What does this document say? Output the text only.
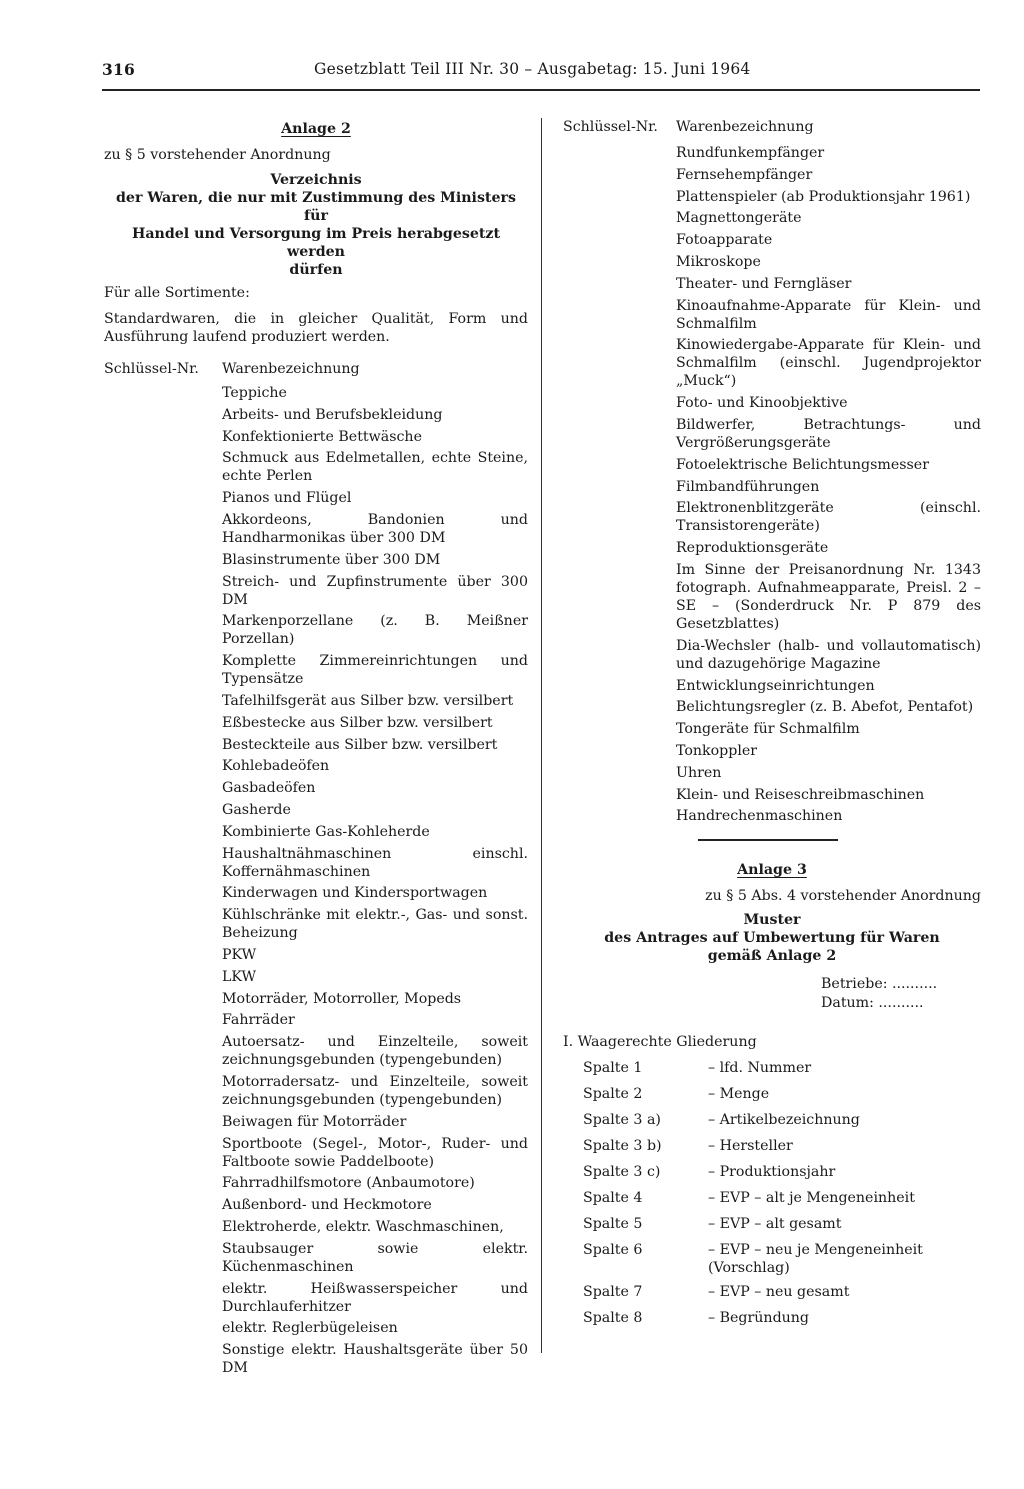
316	Gesetzblatt Teil III Nr. 30 – Ausgabetag: 15. Juni 1964
Anlage 2
zu § 5 vorstehender Anordnung
Verzeichnis
der Waren, die nur mit Zustimmung des Ministers für
Handel und Versorgung im Preis herabgesetzt werden
dürfen
Für alle Sortimente:
Standardwaren, die in gleicher Qualität, Form und Ausführung laufend produziert werden.
Schlüssel-Nr. Warenbezeichnung
Teppiche
Arbeits- und Berufsbekleidung
Konfektionierte Bettwäsche
Schmuck aus Edelmetallen, echte Steine, echte Perlen
Pianos und Flügel
Akkordeons, Bandonien und Handharmonikas über 300 DM
Blasinstrumente über 300 DM
Streich- und Zupfinstrumente über 300 DM
Markenporzellane (z. B. Meißner Porzellan)
Komplette Zimmereinrichtungen und Typensätze
Tafelhilfsgerät aus Silber bzw. versilbert
Eßbestecke aus Silber bzw. versilbert
Besteckteile aus Silber bzw. versilbert
Kohlebadeöfen
Gasbadeöfen
Gasherde
Kombinierte Gas-Kohleherde
Haushaltnähmaschinen einschl. Koffernähmaschinen
Kinderwagen und Kindersportwagen
Kühlschränke mit elektr.-, Gas- und sonst. Beheizung
PKW
LKW
Motorräder, Motorroller, Mopeds
Fahrräder
Autoersatz- und Einzelteile, soweit zeichnungsgebunden (typengebunden)
Motorradersatz- und Einzelteile, soweit zeichnungsgebunden (typengebunden)
Beiwagen für Motorräder
Sportboote (Segel-, Motor-, Ruder- und Faltboote sowie Paddelboote)
Fahrradhilfsmotore (Anbaumotore)
Außenbord- und Heckmotore
Elektroherde, elektr. Waschmaschinen,
Staubsauger sowie elektr. Küchenmaschinen
elektr. Heißwasserspeicher und Durchlauferhitzer
elektr. Reglerbügeleisen
Sonstige elektr. Haushaltsgeräte über 50 DM
Schlüssel-Nr. Warenbezeichnung
Rundfunkempfänger
Fernsehempfänger
Plattenspieler (ab Produktionsjahr 1961)
Magnettongeräte
Fotoapparate
Mikroskope
Theater- und Ferngläser
Kinoaufnahme-Apparate für Klein- und Schmalfilm
Kinowiedergabe-Apparate für Klein- und Schmalfilm (einschl. Jugendprojektor „Muck“)
Foto- und Kinoobjektive
Bildwerfer, Betrachtungs- und Vergrößerungsgeräte
Fotoelektrische Belichtungsmesser
Filmbandführungen
Elektronenblitzgeräte (einschl. Transistorengeräte)
Reproduktionsgeräte
Im Sinne der Preisanordnung Nr. 1343 fotograph. Aufnahmeapparate, Preisl. 2 – SE – (Sonderdruck Nr. P 879 des Gesetzblattes)
Dia-Wechsler (halb- und vollautomatisch) und dazugehörige Magazine
Entwicklungseinrichtungen
Belichtungsregler (z. B. Abefot, Pentafot)
Tongeräte für Schmalfilm
Tonkoppler
Uhren
Klein- und Reiseschreibmaschinen
Handrechenmaschinen
Anlage 3
zu § 5 Abs. 4 vorstehender Anordnung
Muster
des Antrages auf Umbewertung für Waren
gemäß Anlage 2
Betriebe: ..........
Datum: ..........
I. Waagerechte Gliederung
Spalte 1	– lfd. Nummer
Spalte 2	– Menge
Spalte 3 a)	– Artikelbezeichnung
Spalte 3 b)	– Hersteller
Spalte 3 c)	– Produktionsjahr
Spalte 4	– EVP – alt je Mengeneinheit
Spalte 5	– EVP – alt gesamt
Spalte 6	– EVP – neu je Mengeneinheit (Vorschlag)
Spalte 7	– EVP – neu gesamt
Spalte 8	– Begründung
